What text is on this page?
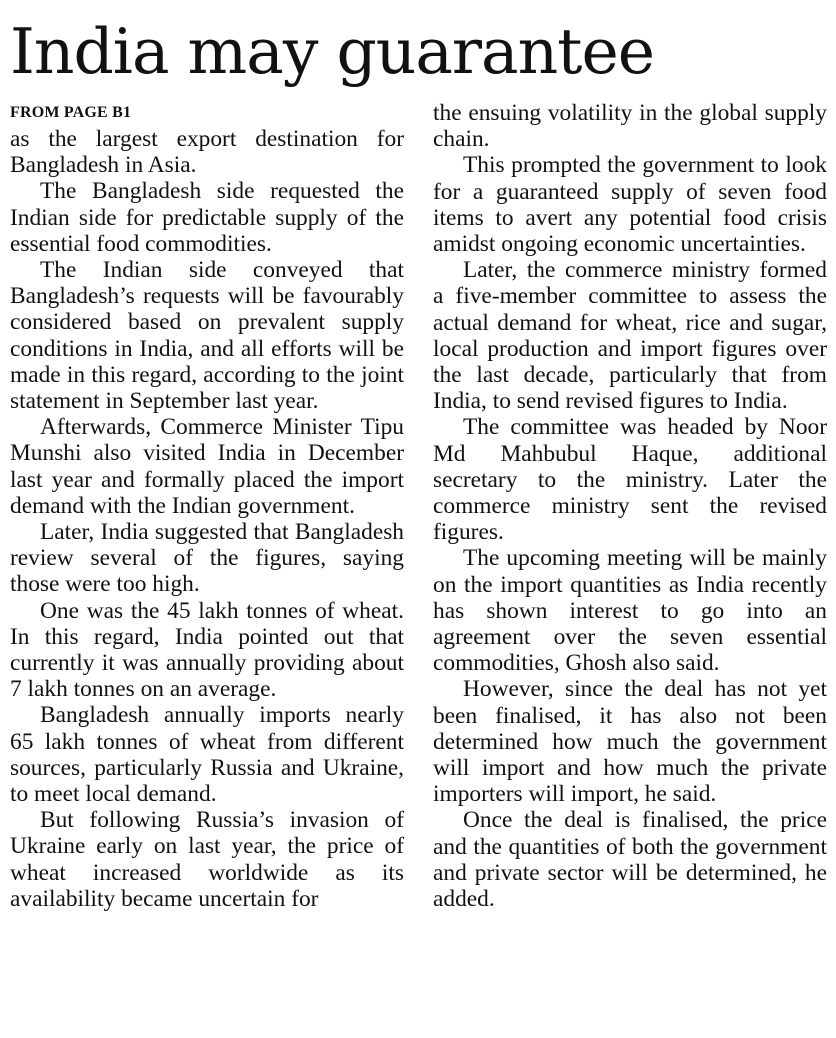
India may guarantee
FROM PAGE B1

as the largest export destination for Bangladesh in Asia.

The Bangladesh side requested the Indian side for predictable supply of the essential food commodities.

The Indian side conveyed that Bangladesh’s requests will be favourably considered based on prevalent supply conditions in India, and all efforts will be made in this regard, according to the joint statement in September last year.

Afterwards, Commerce Minister Tipu Munshi also visited India in December last year and formally placed the import demand with the Indian government.

Later, India suggested that Bangladesh review several of the figures, saying those were too high.

One was the 45 lakh tonnes of wheat. In this regard, India pointed out that currently it was annually providing about 7 lakh tonnes on an average.

Bangladesh annually imports nearly 65 lakh tonnes of wheat from different sources, particularly Russia and Ukraine, to meet local demand.

But following Russia’s invasion of Ukraine early on last year, the price of wheat increased worldwide as its availability became uncertain for

the ensuing volatility in the global supply chain.

This prompted the government to look for a guaranteed supply of seven food items to avert any potential food crisis amidst ongoing economic uncertainties.

Later, the commerce ministry formed a five-member committee to assess the actual demand for wheat, rice and sugar, local production and import figures over the last decade, particularly that from India, to send revised figures to India.

The committee was headed by Noor Md Mahbubul Haque, additional secretary to the ministry. Later the commerce ministry sent the revised figures.

The upcoming meeting will be mainly on the import quantities as India recently has shown interest to go into an agreement over the seven essential commodities, Ghosh also said.

However, since the deal has not yet been finalised, it has also not been determined how much the government will import and how much the private importers will import, he said.

Once the deal is finalised, the price and the quantities of both the government and private sector will be determined, he added.
